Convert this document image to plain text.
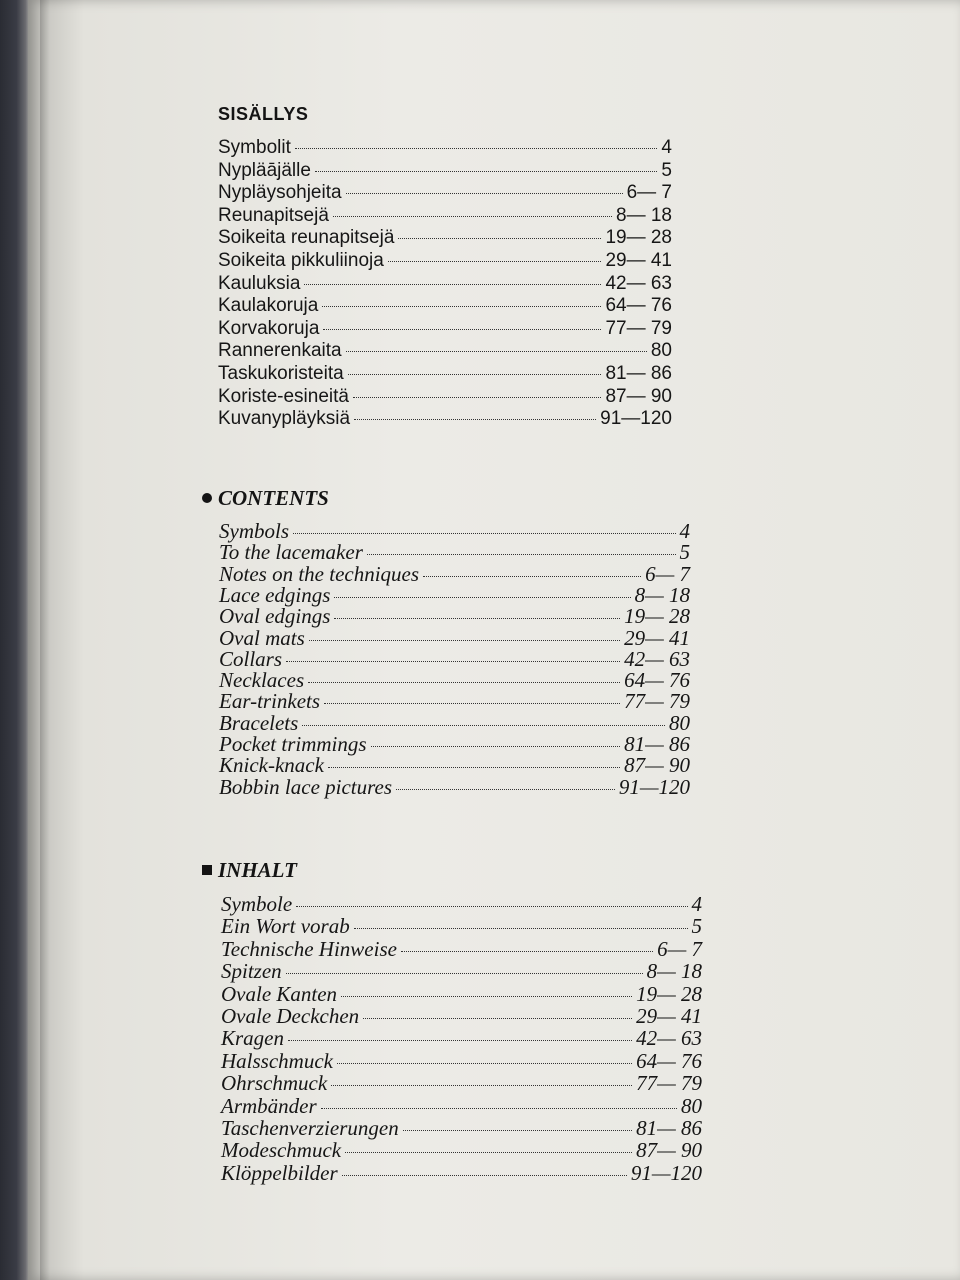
SISÄLLYS
Symbolit	4
Nypläājälle	5
Nypläysohjeita	6— 7
Reunapitsejä	8— 18
Soikeita reunapitsejä	19— 28
Soikeita pikkuliinoja	29— 41
Kauluksia	42— 63
Kaulakoruja	64— 76
Korvakoruja	77— 79
Rannerenkaita	80
Taskukoristeita	81— 86
Koriste-esineitä	87— 90
Kuvanypläyksiä	91—120
CONTENTS
Symbols	4
To the lacemaker	5
Notes on the techniques	6— 7
Lace edgings	8— 18
Oval edgings	19— 28
Oval mats	29— 41
Collars	42— 63
Necklaces	64— 76
Ear-trinkets	77— 79
Bracelets	80
Pocket trimmings	81— 86
Knick-knack	87— 90
Bobbin lace pictures	91—120
INHALT
Symbole	4
Ein Wort vorab	5
Technische Hinweise	6— 7
Spitzen	8— 18
Ovale Kanten	19— 28
Ovale Deckchen	29— 41
Kragen	42— 63
Halsschmuck	64— 76
Ohrschmuck	77— 79
Armbänder	80
Taschenverzierungen	81— 86
Modeschmuck	87— 90
Klöppelbilder	91—120
